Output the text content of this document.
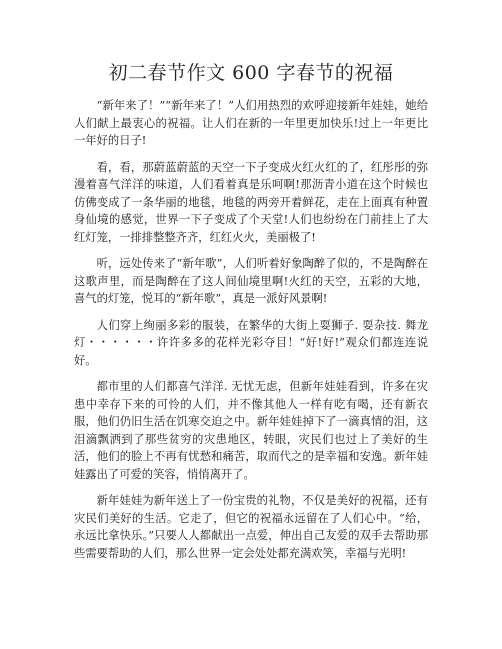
初二春节作文 600 字春节的祝福

“新年来了！”“新年来了！”人们用热烈的欢呼迎接新年娃娃，她给人们献上最衷心的祝福。让人们在新的一年里更加快乐!过上一年更比一年好的日子!

看，看，那蔚蓝蔚蓝的天空一下子变成火红火红的了，红彤彤的弥漫着喜气洋洋的味道，人们看着真是乐呵啊!那沥青小道在这个时候也仿佛变成了一条华丽的地毯，地毯的两旁开着鲜花，走在上面真有种置身仙境的感觉，世界一下子变成了个天堂!人们也纷纷在门前挂上了大红灯笼，一排排整整齐齐，红红火火，美丽极了!

听，远处传来了“新年歌”，人们听着好象陶醉了似的，不是陶醉在这歌声里，而是陶醉在了这人间仙境里啊!火红的天空，五彩的大地，喜气的灯笼，悦耳的“新年歌”，真是一派好风景啊!

人们穿上绚丽多彩的服装，在繁华的大街上耍狮子. 耍杂技. 舞龙灯・・・・・・许许多多的花样光彩夺目！“好!好!”观众们都连连说好。

都市里的人们都喜气洋洋. 无忧无虑，但新年娃娃看到，许多在灾患中幸存下来的可怜的人们，并不像其他人一样有吃有喝，还有新衣服，他们仍旧生活在饥寒交迫之中。新年娃娃掉下了一滴真情的泪，这泪滴飘洒到了那些贫穷的灾患地区，转眼，灾民们也过上了美好的生活，他们的脸上不再有忧愁和痛苦，取而代之的是幸福和安逸。新年娃娃露出了可爱的笑容，悄悄离开了。

新年娃娃为新年送上了一份宝贵的礼物，不仅是美好的祝福，还有灾民们美好的生活。它走了，但它的祝福永远留在了人们心中。“给，永远比拿快乐。”只要人人都献出一点爱，伸出自己友爱的双手去帮助那些需要帮助的人们，那么世界一定会处处都充满欢笑，幸福与光明!
